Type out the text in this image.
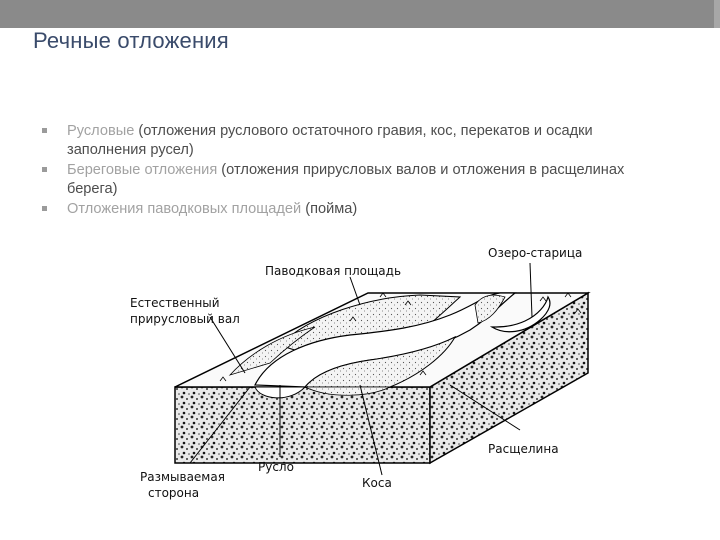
Речные отложения
Русловые (отложения руслового остаточного гравия, кос, перекатов и осадки заполнения русел)
Береговые отложения (отложения прирусловых валов и отложения в расщелинах берега)
Отложения паводковых площадей (пойма)
Паводковая площадь
Озеро-старица
Естественный
прирусловый вал
Расщелина
Русло
Размываемая
сторона
Коса
